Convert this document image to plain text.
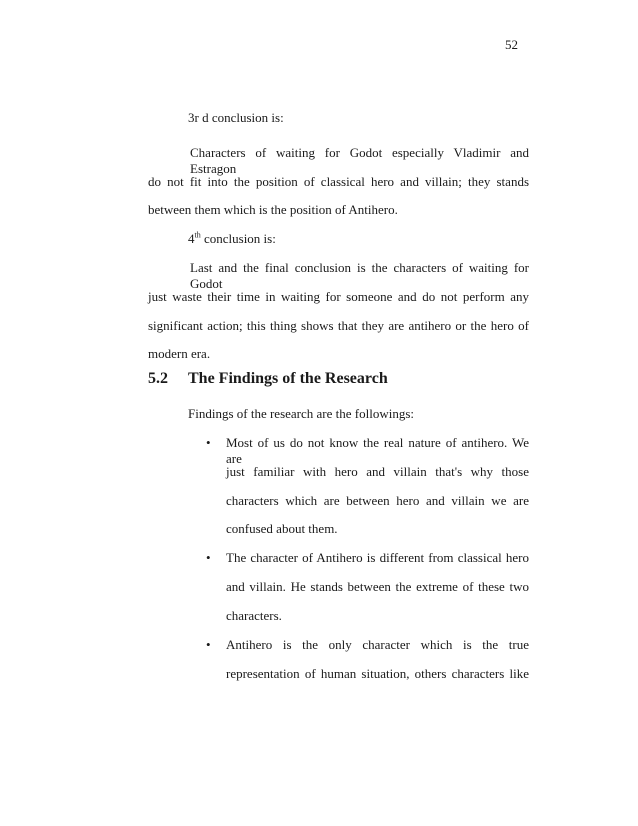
52
3r d conclusion is:
Characters of waiting for Godot especially Vladimir and Estragon
do not fit into the position of classical hero and villain; they stands
between them which is the position of Antihero.
4th conclusion is:
Last and the final conclusion is the characters of waiting for Godot
just waste their time in waiting for someone and do not perform any
significant action; this thing shows that they are antihero or the hero of
modern era.
5.2 The Findings of the Research
Findings of the research are the followings:
• Most of us do not know the real nature of antihero. We are
just familiar with hero and villain that's why those
characters which are between hero and villain we are
confused about them.
• The character of Antihero is different from classical hero
and villain. He stands between the extreme of these two
characters.
• Antihero is the only character which is the true
representation of human situation, others characters like
